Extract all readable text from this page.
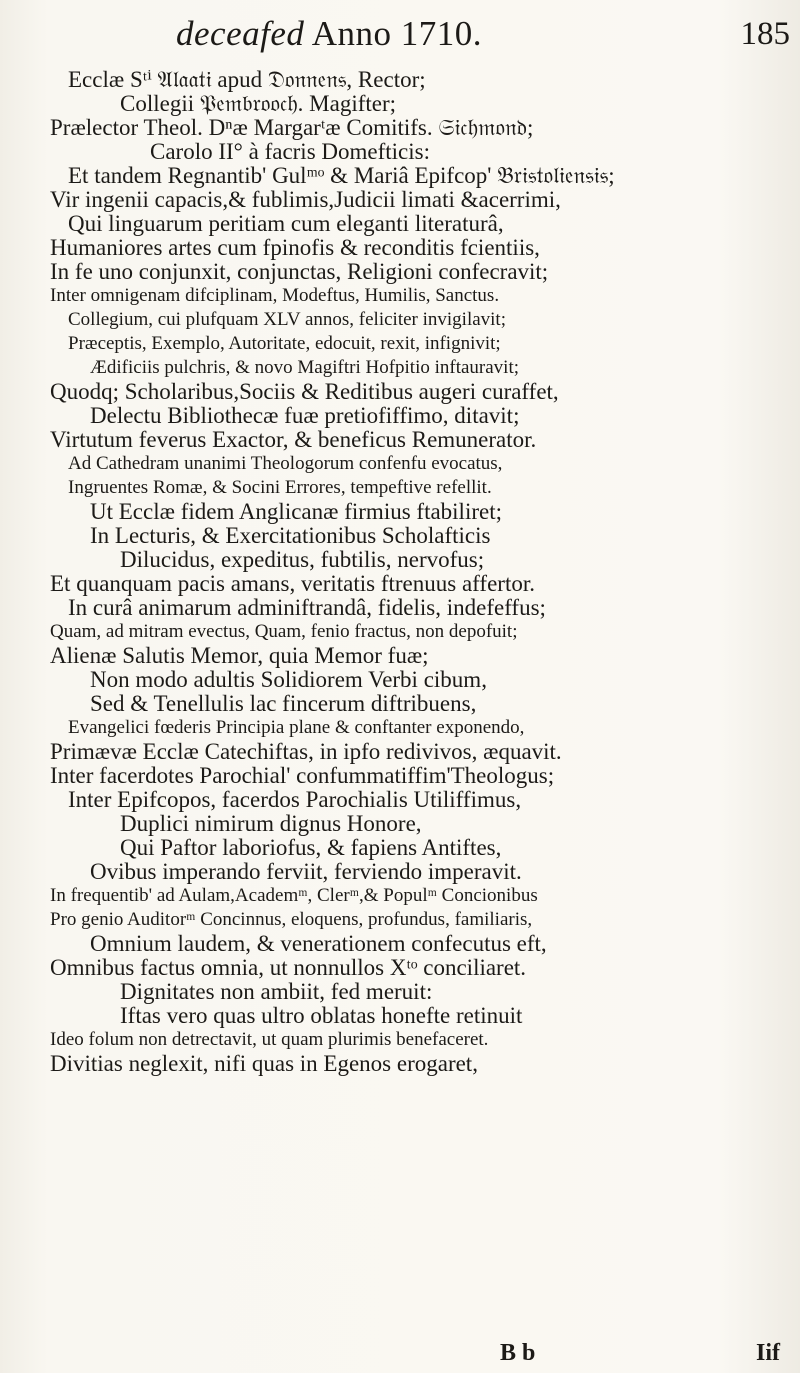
deceafed Anno 1710.	185
Ecclæ Sᵗⁱ 𝔄𝔩𝔞𝔞𝔱𝔦 apud 𝔇𝔬𝔫𝔫𝔢𝔫𝔰, Rector;
Collegii 𝔓𝔢𝔪𝔟𝔯𝔬𝔬𝔠𝔥. Magifter;
Prælector Theol. Dⁿæ Margarᵗæ Comitifs. 𝔖𝔦𝔠𝔥𝔪𝔬𝔫𝔡;
Carolo II° à facris Domefticis:
Et tandem Regnantib' Gulᵐᵒ & Mariâ Epifcop' 𝔅𝔯𝔦𝔰𝔱𝔬𝔩𝔦𝔢𝔫𝔰𝔦𝔰;
Vir ingenii capacis,& fublimis,Judicii limati &acerrimi,
Qui linguarum peritiam cum eleganti literaturâ,
Humaniores artes cum fpinofis & reconditis fcientiis,
In fe uno conjunxit, conjunctas, Religioni confecravit;
Inter omnigenam difciplinam, Modeftus, Humilis, Sanctus.
Collegium, cui plufquam XLV annos, feliciter invigilavit;
Præceptis, Exemplo, Autoritate, edocuit, rexit, infignivit;
Ædificiis pulchris, & novo Magiftri Hofpitio inftauravit;
Quodq; Scholaribus,Sociis & Reditibus augeri curaffet,
Delectu Bibliothecæ fuæ pretiofiffimo, ditavit;
Virtutum feverus Exactor, & beneficus Remunerator.
Ad Cathedram unanimi Theologorum confenfu evocatus,
Ingruentes Romæ, & Socini Errores, tempeftive refellit.
Ut Ecclæ fidem Anglicanæ firmius ftabiliret;
In Lecturis, & Exercitationibus Scholafticis
Dilucidus, expeditus, fubtilis, nervofus;
Et quanquam pacis amans, veritatis ftrenuus affertor.
In curâ animarum adminiftrandâ, fidelis, indefeffus;
Quam, ad mitram evectus, Quam, fenio fractus, non depofuit;
Alienæ Salutis Memor, quia Memor fuæ;
Non modo adultis Solidiorem Verbi cibum,
Sed & Tenellulis lac fincerum diftribuens,
Evangelici fœderis Principia plane & conftanter exponendo,
Primævæ Ecclæ Catechiftas, in ipfo redivivos, æquavit.
Inter facerdotes Parochial' confummatiffim'Theologus;
Inter Epifcopos, facerdos Parochialis Utiliffimus,
Duplici nimirum dignus Honore,
Qui Paftor laboriofus, & fapiens Antiftes,
Ovibus imperando ferviit, ferviendo imperavit.
In frequentib' ad Aulam,Academᵐ, Clerᵐ,& Populᵐ Concionibus
Pro genio Auditorᵐ Concinnus, eloquens, profundus, familiaris,
Omnium laudem, & venerationem confecutus eft,
Omnibus factus omnia, ut nonnullos Xᵗᵒ conciliaret.
Dignitates non ambiit, fed meruit:
Iftas vero quas ultro oblatas honefte retinuit
Ideo folum non detrectavit, ut quam plurimis benefaceret.
Divitias neglexit, nifi quas in Egenos erogaret,
B b	Iif
